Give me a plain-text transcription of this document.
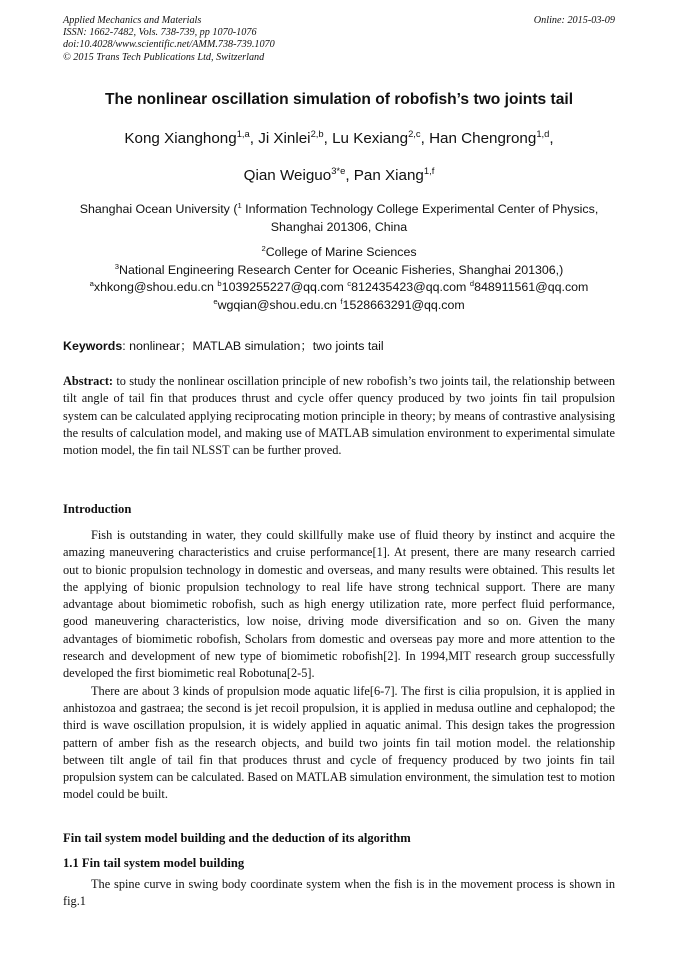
Applied Mechanics and Materials
ISSN: 1662-7482, Vols. 738-739, pp 1070-1076
doi:10.4028/www.scientific.net/AMM.738-739.1070
© 2015 Trans Tech Publications Ltd, Switzerland
Online: 2015-03-09
The nonlinear oscillation simulation of robofish’s two joints tail
Kong Xianghong$^{1,a}$, Ji Xinlei$^{2,b}$, Lu Kexiang$^{2,c}$, Han Chengrong$^{1,d}$,
Qian Weiguo$^{3*e}$, Pan Xiang$^{1,f}$
Shanghai Ocean University ($^1$ Information Technology College Experimental Center of Physics,
Shanghai 201306, China
$^2$College of Marine Sciences
$^3$National Engineering Research Center for Oceanic Fisheries, Shanghai 201306,)
$^a$xhkong@shou.edu.cn $^b$1039255227@qq.com $^c$812435423@qq.com $^d$848911561@qq.com
$^e$wgqian@shou.edu.cn $^f$1528663291@qq.com
Keywords: nonlinear；MATLAB simulation；two joints tail

Abstract: to study the nonlinear oscillation principle of new robofish’s two joints tail, the relationship between tilt angle of tail fin that produces thrust and cycle offer quency produced by two joints fin tail propulsion system can be calculated applying reciprocating motion principle in theory; by means of contrastive analysising the results of calculation model, and making use of MATLAB simulation environment to experimental simulate motion model, the fin tail NLSST can be further proved.

Introduction

Fish is outstanding in water, they could skillfully make use of fluid theory by instinct and acquire the amazing maneuvering characteristics and cruise performance[1]. At present, there are many research carried out to bionic propulsion technology in domestic and overseas, and many results were obtained. This results let the applying of bionic propulsion technology to real life have strong technical support. There are many advantage about biomimetic robofish, such as high energy utilization rate, more perfect fluid performance, good maneuvering characteristics, low noise, driving mode diversification and so on. Given the many advantages of biomimetic robofish, Scholars from domestic and overseas pay more and more attention to the research and development of new type of biomimetic robofish[2]. In 1994,MIT research group successfully developed the first biomimetic real Robotuna[2-5].

There are about 3 kinds of propulsion mode aquatic life[6-7]. The first is cilia propulsion, it is applied in anhistozoa and gastraea; the second is jet recoil propulsion, it is applied in medusa outline and cephalopod; the third is wave oscillation propulsion, it is widely applied in aquatic animal. This design takes the progression pattern of amber fish as the research objects, and build two joints fin tail motion model. the relationship between tilt angle of tail fin that produces thrust and cycle of frequency produced by two joints fin tail propulsion system can be calculated. Based on MATLAB simulation environment, the simulation test to motion model could be built.

Fin tail system model building and the deduction of its algorithm
1.1 Fin tail system model building

The spine curve in swing body coordinate system when the fish is in the movement process is shown in fig.1
